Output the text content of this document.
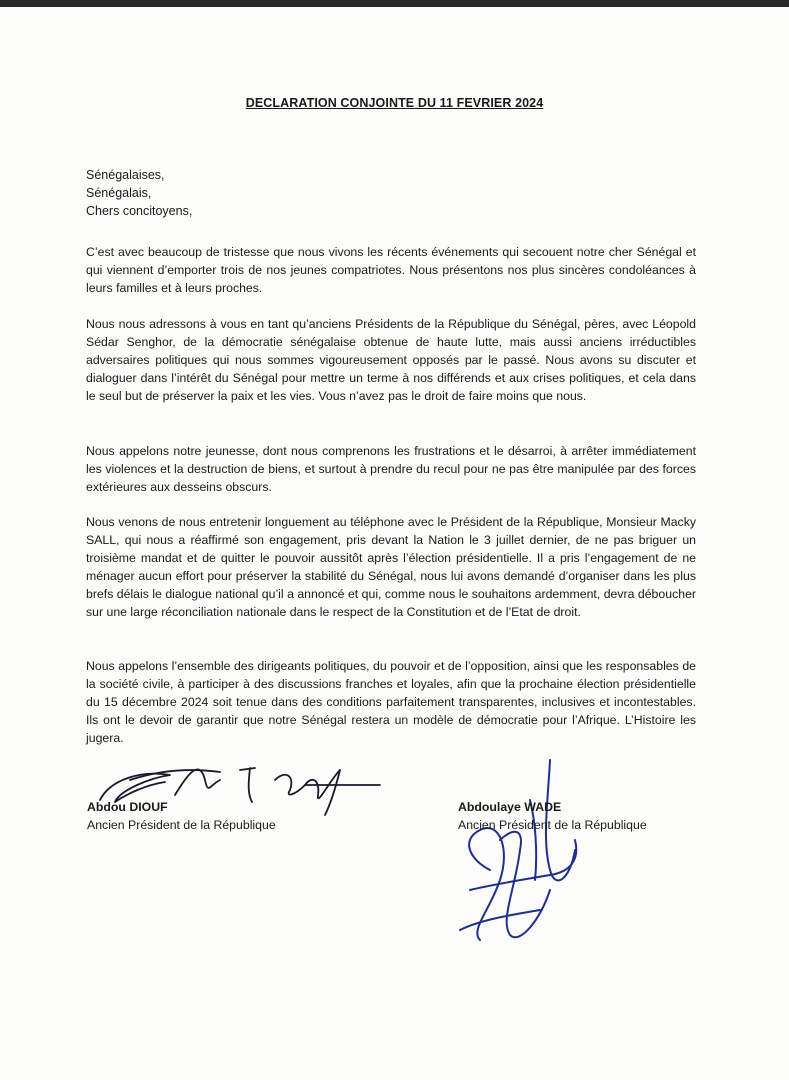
DECLARATION CONJOINTE DU 11 FEVRIER 2024
Sénégalaises,
Sénégalais,
Chers concitoyens,
C’est avec beaucoup de tristesse que nous vivons les récents événements qui secouent notre cher Sénégal et qui viennent d’emporter trois de nos jeunes compatriotes. Nous présentons nos plus sincères condoléances à leurs familles et à leurs proches.
Nous nous adressons à vous en tant qu’anciens Présidents de la République du Sénégal, pères, avec Léopold Sédar Senghor, de la démocratie sénégalaise obtenue de haute lutte, mais aussi anciens irréductibles adversaires politiques qui nous sommes vigoureusement opposés par le passé. Nous avons su discuter et dialoguer dans l’intérêt du Sénégal pour mettre un terme à nos différends et aux crises politiques, et cela dans le seul but de préserver la paix et les vies. Vous n’avez pas le droit de faire moins que nous.
Nous appelons notre jeunesse, dont nous comprenons les frustrations et le désarroi, à arrêter immédiatement les violences et la destruction de biens, et surtout à prendre du recul pour ne pas être manipulée par des forces extérieures aux desseins obscurs.
Nous venons de nous entretenir longuement au téléphone avec le Président de la République, Monsieur Macky SALL, qui nous a réaffirmé son engagement, pris devant la Nation le 3 juillet dernier, de ne pas briguer un troisième mandat et de quitter le pouvoir aussitôt après l’élection présidentielle. Il a pris l’engagement de ne ménager aucun effort pour préserver la stabilité du Sénégal, nous lui avons demandé d’organiser dans les plus brefs délais le dialogue national qu’il a annoncé et qui, comme nous le souhaitons ardemment, devra déboucher sur une large réconciliation nationale dans le respect de la Constitution et de l’Etat de droit.
Nous appelons l’ensemble des dirigeants politiques, du pouvoir et de l’opposition, ainsi que les responsables de la société civile, à participer à des discussions franches et loyales, afin que la prochaine élection présidentielle du 15 décembre 2024 soit tenue dans des conditions parfaitement transparentes, inclusives et incontestables. Ils ont le devoir de garantir que notre Sénégal restera un modèle de démocratie pour l’Afrique. L’Histoire les jugera.
Abdou DIOUF
Ancien Président de la République
Abdoulaye WADE
Ancien Président de la République
